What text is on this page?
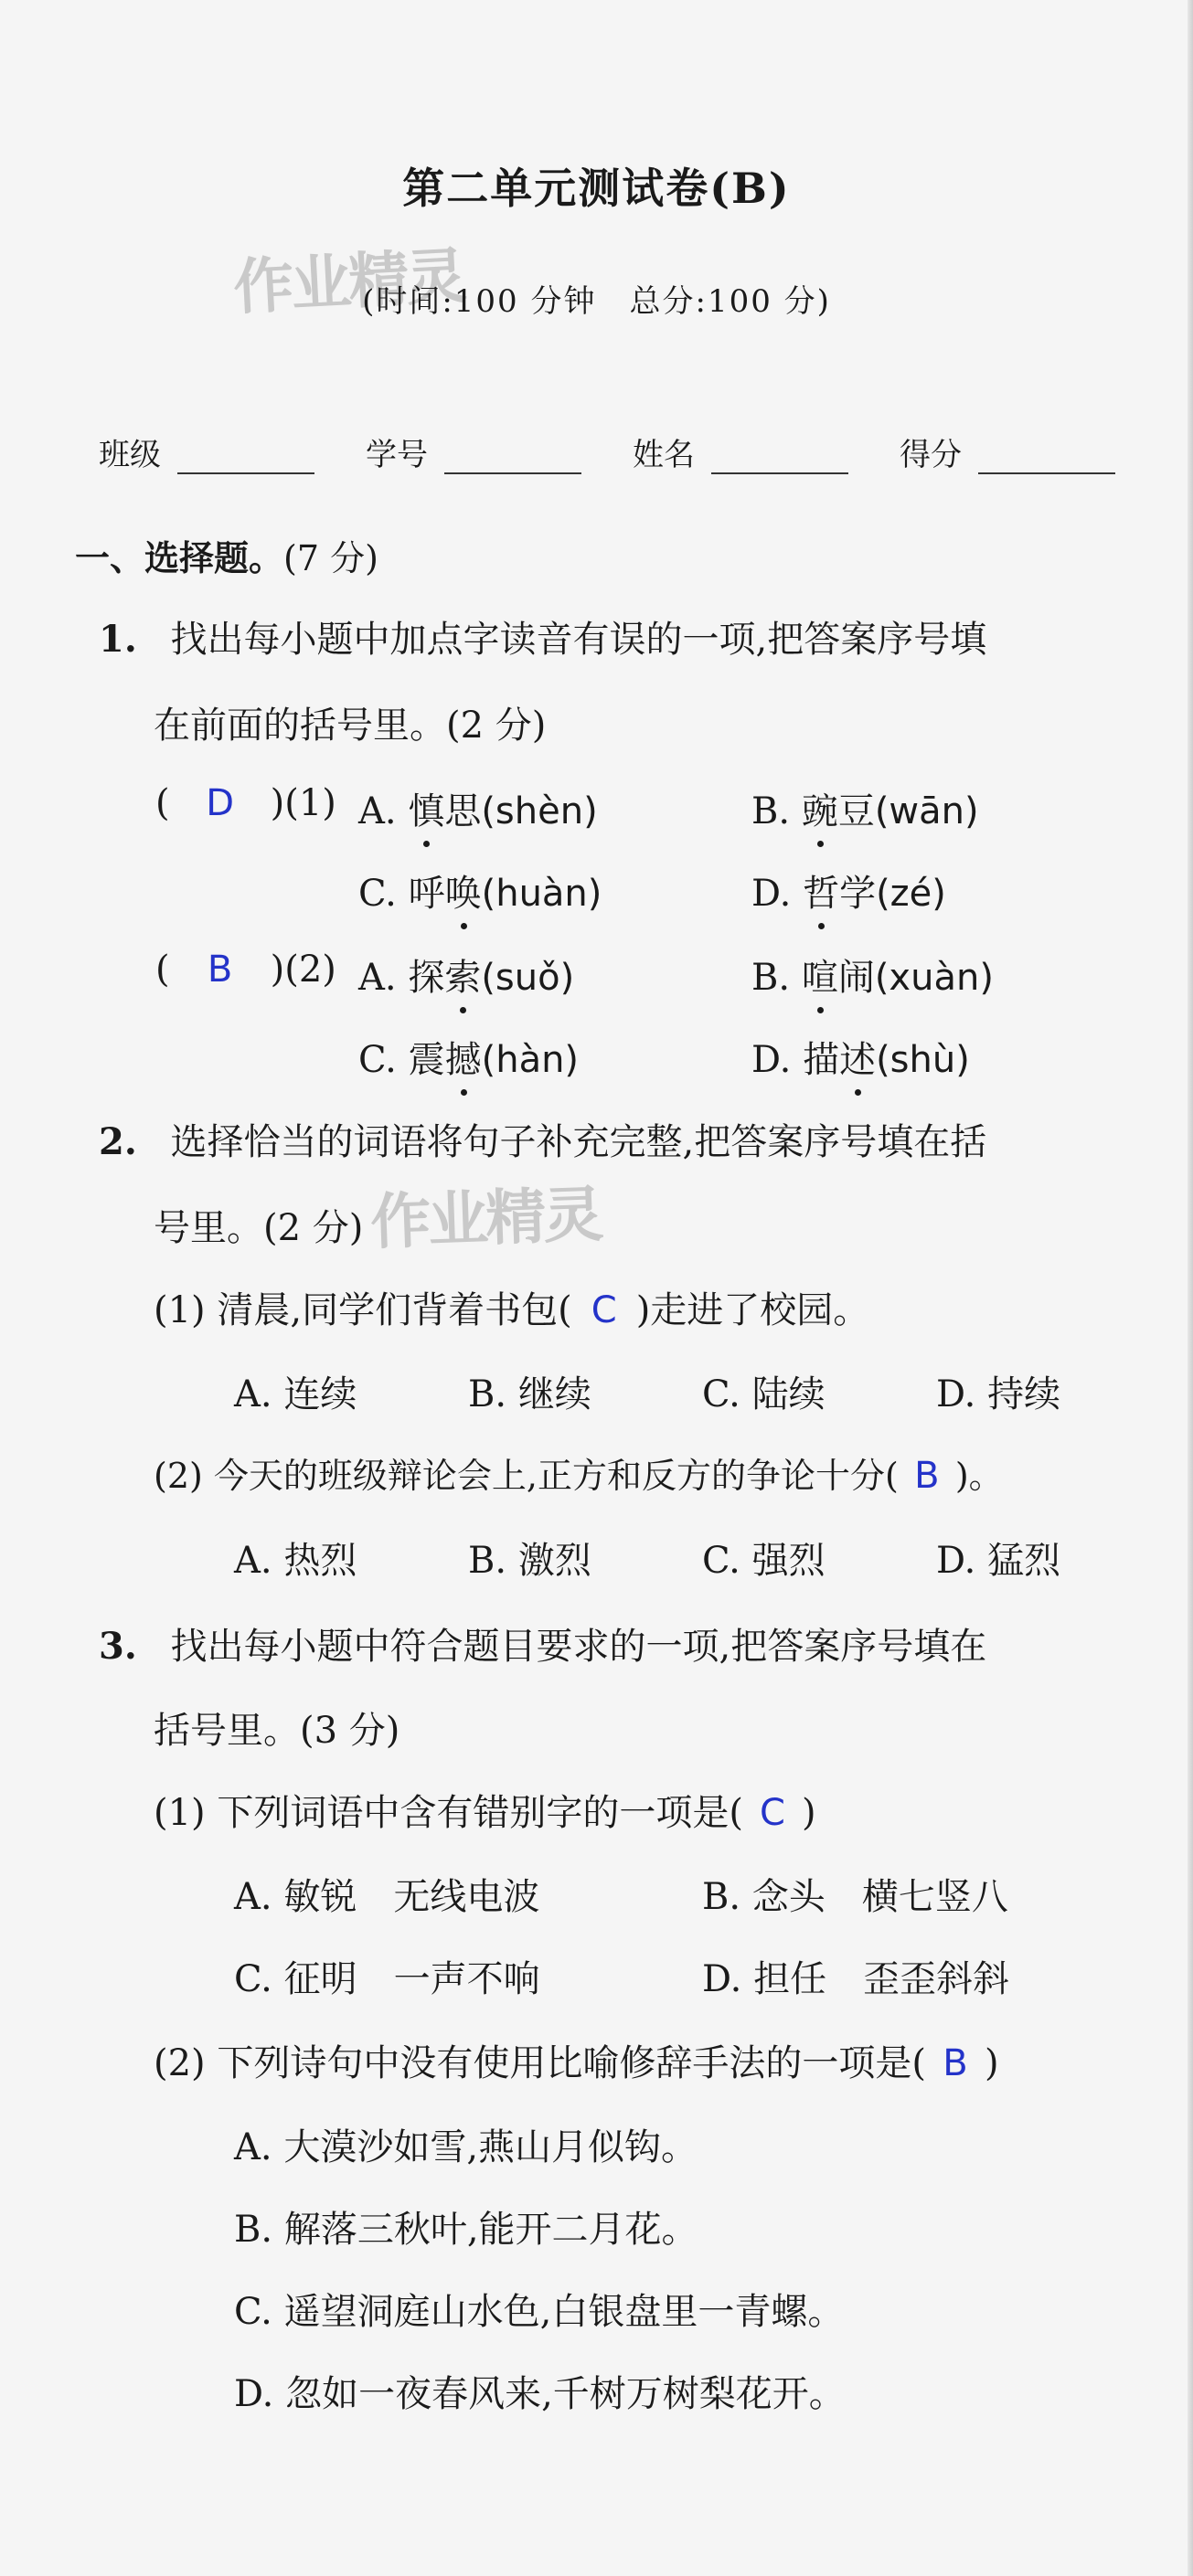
作业精灵
作业精灵
第二单元测试卷(B)
(时间:100 分钟　总分:100 分)
班级	学号	姓名	得分
一、选择题。(7 分)
1. 找出每小题中加点字读音有误的一项,把答案序号填
在前面的括号里。(2 分)
( D )(1) A. 慎思(shèn)	B. 豌豆(wān)
C. 呼唤(huàn)	D. 哲学(zé)
( B )(2) A. 探索(suǒ)	B. 喧闹(xuàn)
C. 震撼(hàn)	D. 描述(shù)
2. 选择恰当的词语将句子补充完整,把答案序号填在括
号里。(2 分)
(1) 清晨,同学们背着书包( C )走进了校园。
A. 连续	B. 继续	C. 陆续	D. 持续
(2) 今天的班级辩论会上,正方和反方的争论十分( B )。
A. 热烈	B. 激烈	C. 强烈	D. 猛烈
3. 找出每小题中符合题目要求的一项,把答案序号填在
括号里。(3 分)
(1) 下列词语中含有错别字的一项是( C )
A. 敏锐　无线电波	B. 念头　横七竖八
C. 征明　一声不响	D. 担任　歪歪斜斜
(2) 下列诗句中没有使用比喻修辞手法的一项是( B )
A. 大漠沙如雪,燕山月似钩。
B. 解落三秋叶,能开二月花。
C. 遥望洞庭山水色,白银盘里一青螺。
D. 忽如一夜春风来,千树万树梨花开。
